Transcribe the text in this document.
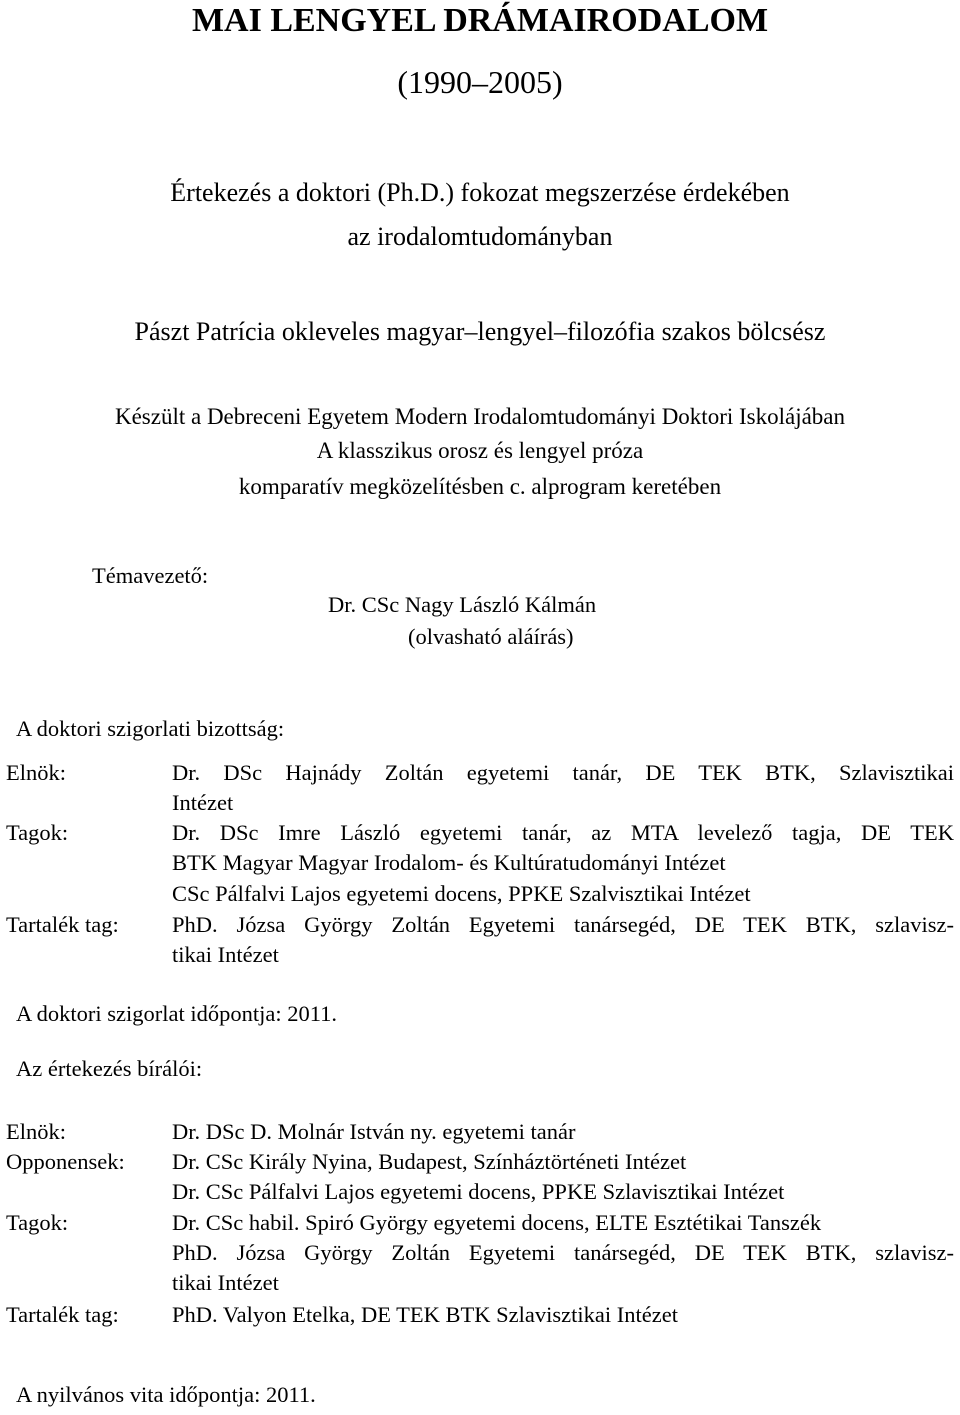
MAI LENGYEL DRÁMAIRODALOM
(1990–2005)
Értekezés a doktori (Ph.D.) fokozat megszerzése érdekében
az irodalomtudományban
Pászt Patrícia okleveles magyar–lengyel–filozófia szakos bölcsész
Készült a Debreceni Egyetem Modern Irodalomtudományi Doktori Iskolájában
A klasszikus orosz és lengyel próza
komparatív megközelítésben c. alprogram keretében
Témavezető:
Dr. CSc Nagy László Kálmán
(olvasható aláírás)
A doktori szigorlati bizottság:
Elnök:	Dr. DSc Hajnády Zoltán egyetemi tanár, DE TEK BTK, Szlavisztikai
Intézet
Tagok:	Dr. DSc Imre László egyetemi tanár, az MTA levelező tagja, DE TEK
BTK Magyar Magyar Irodalom- és Kultúratudományi Intézet
CSc Pálfalvi Lajos egyetemi docens, PPKE Szalvisztikai Intézet
Tartalék tag: PhD. Józsa György Zoltán Egyetemi tanársegéd, DE TEK BTK, szlavisz-
tikai Intézet
A doktori szigorlat időpontja: 2011.
Az értekezés bírálói:
Elnök:	Dr. DSc D. Molnár István ny. egyetemi tanár
Opponensek: Dr. CSc Király Nyina, Budapest, Színháztörténeti Intézet
Dr. CSc Pálfalvi Lajos egyetemi docens, PPKE Szlavisztikai Intézet
Tagok:	Dr. CSc habil. Spiró György egyetemi docens, ELTE Esztétikai Tanszék
PhD. Józsa György Zoltán Egyetemi tanársegéd, DE TEK BTK, szlavisz-
tikai Intézet
Tartalék tag: PhD. Valyon Etelka, DE TEK BTK Szlavisztikai Intézet
A nyilvános vita időpontja: 2011.
